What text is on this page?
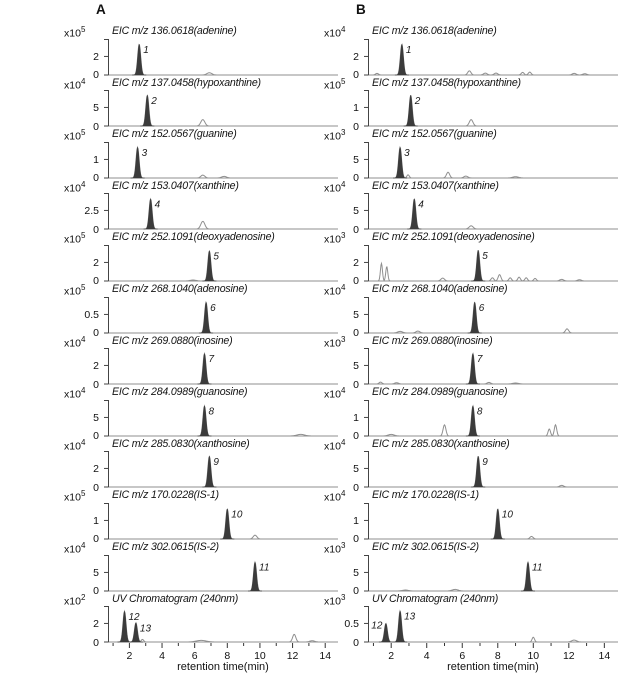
A
$x10^5$
2
0
1
EIC m/z 136.0618(adenine)
$x10^4$
5
0
2
EIC m/z 137.0458(hypoxanthine)
$x10^5$
1
0
3
EIC m/z 152.0567(guanine)
$x10^4$
2.5
0
4
EIC m/z 153.0407(xanthine)
$x10^5$
2
0
5
EIC m/z 252.1091(deoxyadenosine)
$x10^5$
0.5
0
6
EIC m/z 268.1040(adenosine)
$x10^4$
2
0
7
EIC m/z 269.0880(inosine)
$x10^4$
5
0
8
EIC m/z 284.0989(guanosine)
$x10^4$
2
0
9
EIC m/z 285.0830(xanthosine)
$x10^5$
1
0
10
EIC m/z 170.0228(IS-1)
$x10^4$
5
0
11
EIC m/z 302.0615(IS-2)
$x10^2$
2
0
12
13
UV Chromatogram (240nm)
2	4	6	8 10 12 14
retention time(min)
B
$x10^4$
2
0
1
EIC m/z 136.0618(adenine)
$x10^5$
1
0
2
EIC m/z 137.0458(hypoxanthine)
$x10^3$
5
0
3
EIC m/z 152.0567(guanine)
$x10^4$
5
0
4
EIC m/z 153.0407(xanthine)
$x10^3$
2
0
5
EIC m/z 252.1091(deoxyadenosine)
$x10^4$
5
0
6
EIC m/z 268.1040(adenosine)
$x10^3$
5
0
7
EIC m/z 269.0880(inosine)
$x10^4$
1
0
8
EIC m/z 284.0989(guanosine)
$x10^4$
5
0
9
EIC m/z 285.0830(xanthosine)
$x10^4$
1
0
10
EIC m/z 170.0228(IS-1)
$x10^3$
5
0
11
EIC m/z 302.0615(IS-2)
$x10^3$
0.5
0
12
13
UV Chromatogram (240nm)
2	4	6	8	10 12 14
retention time(min)
